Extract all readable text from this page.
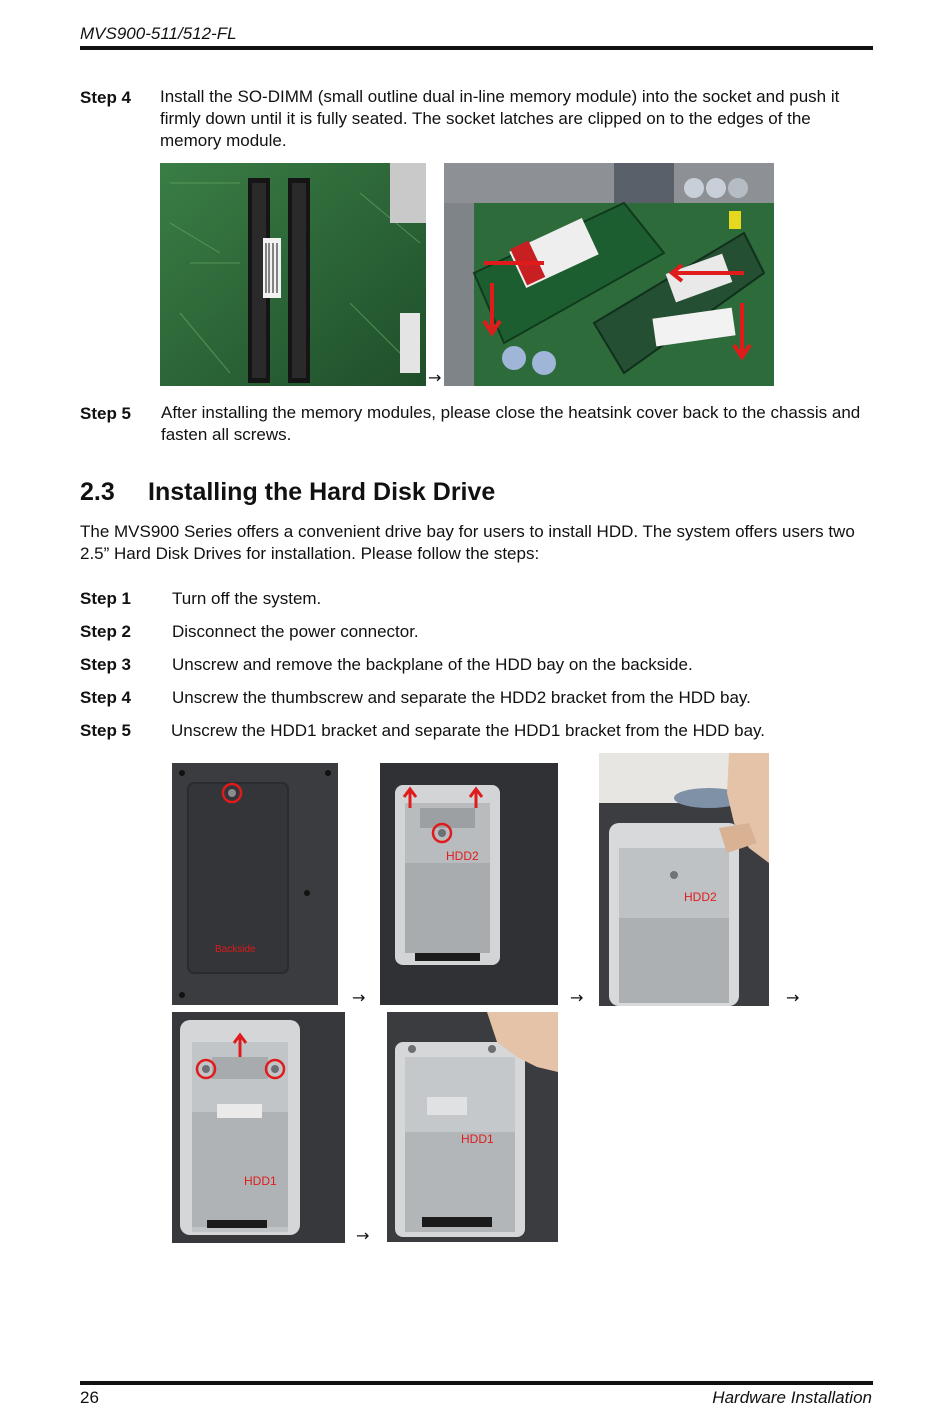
MVS900-511/512-FL
Step 4 Install the SO-DIMM (small outline dual in-line memory module) into the socket and push it firmly down until it is fully seated. The socket latches are clipped on to the edges of the memory module.
→
Step 5 After installing the memory modules, please close the heatsink cover back to the chassis and fasten all screws.
2.3 Installing the Hard Disk Drive
The MVS900 Series offers a convenient drive bay for users to install HDD. The system offers users two 2.5” Hard Disk Drives for installation. Please follow the steps:
Step 1 Turn off the system.
Step 2 Disconnect the power connector.
Step 3 Unscrew and remove the backplane of the HDD bay on the backside.
Step 4 Unscrew the thumbscrew and separate the HDD2 bracket from the HDD bay.
Step 5 Unscrew the HDD1 bracket and separate the HDD1 bracket from the HDD bay.
Backside
→
HDD2
→
HDD2
→
HDD1
→
HDD1
26	Hardware Installation
